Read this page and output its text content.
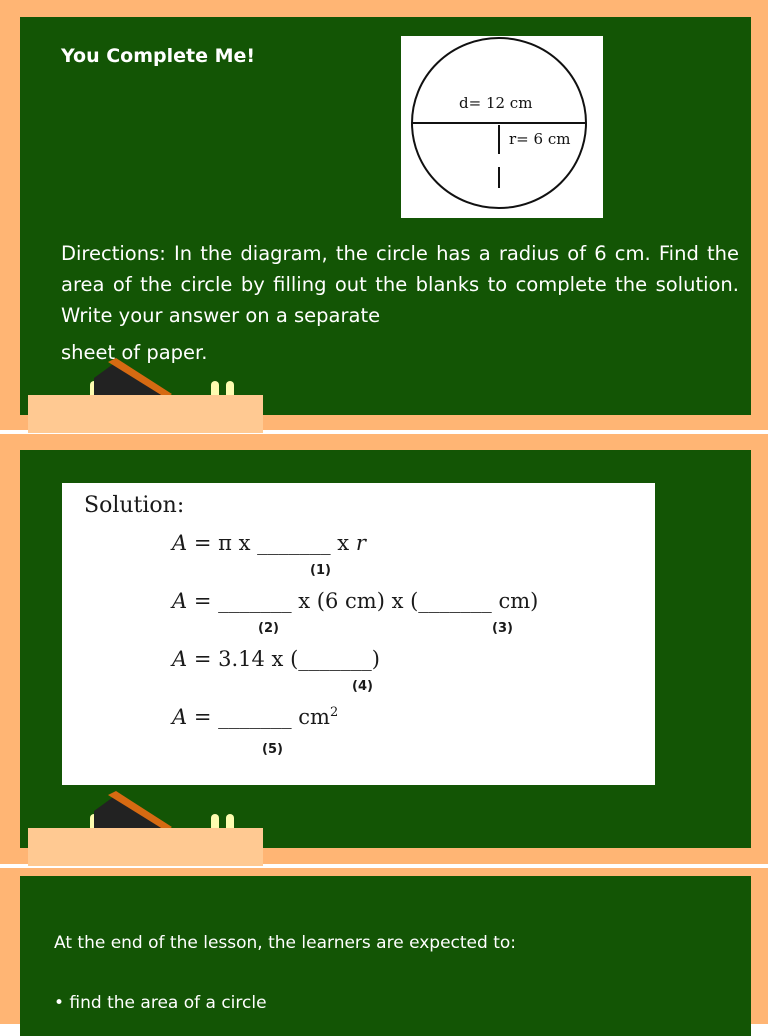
You Complete Me!
d= 12 cm
r= 6 cm
Directions: In the diagram, the circle has a radius of 6 cm. Find the area of the circle by filling out the blanks to complete the solution. Write your answer on a separate
sheet of paper.
Solution:
A = π x _______ x r
(1)
A = _______ x (6 cm) x (_______ cm)
(2)	(3)
A = 3.14 x (_______)
(4)
A = _______ $cm^2$
(5)
At the end of the lesson, the learners are expected to:
• find the area of a circle
